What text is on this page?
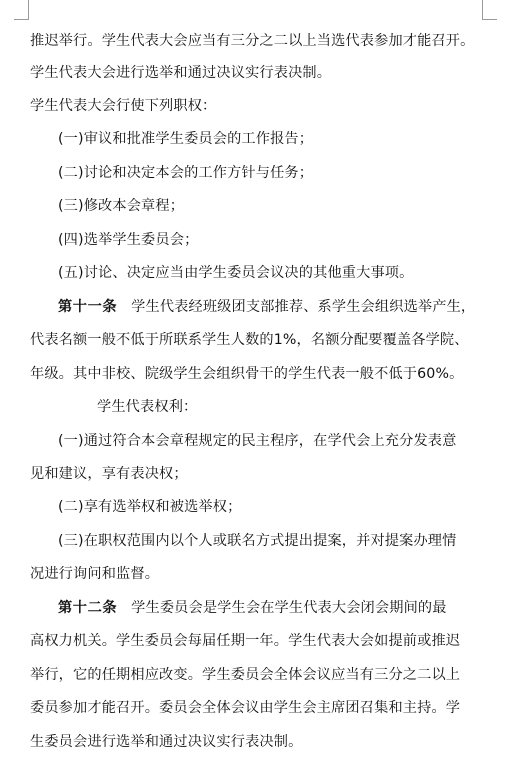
推迟举行。学生代表大会应当有三分之二以上当选代表参加才能召开。
学生代表大会进行选举和通过决议实行表决制。
学生代表大会行使下列职权：
(一)审议和批准学生委员会的工作报告；
(二)讨论和决定本会的工作方针与任务；
(三)修改本会章程；
(四)选举学生委员会；
(五)讨论、决定应当由学生委员会议决的其他重大事项。
第十一条 学生代表经班级团支部推荐、系学生会组织选举产生，
代表名额一般不低于所联系学生人数的1%，名额分配要覆盖各学院、
年级。其中非校、院级学生会组织骨干的学生代表一般不低于60%。
学生代表权利：
(一)通过符合本会章程规定的民主程序，在学代会上充分发表意
见和建议，享有表决权；
(二)享有选举权和被选举权；
(三)在职权范围内以个人或联名方式提出提案，并对提案办理情
况进行询问和监督。
第十二条 学生委员会是学生会在学生代表大会闭会期间的最
高权力机关。学生委员会每届任期一年。学生代表大会如提前或推迟
举行，它的任期相应改变。学生委员会全体会议应当有三分之二以上
委员参加才能召开。委员会全体会议由学生会主席团召集和主持。学
生委员会进行选举和通过决议实行表决制。
